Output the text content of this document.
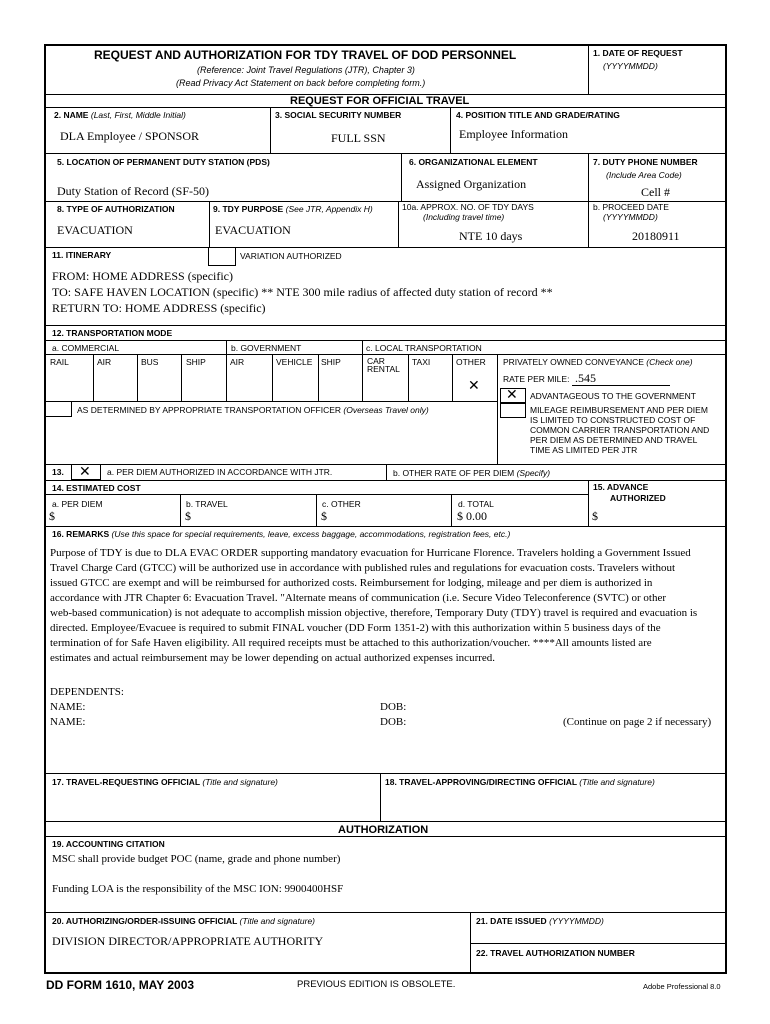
REQUEST AND AUTHORIZATION FOR TDY TRAVEL OF DOD PERSONNEL
(Reference: Joint Travel Regulations (JTR), Chapter 3)
(Read Privacy Act Statement on back before completing form.)
1. DATE OF REQUEST
(YYYYMMDD)
REQUEST FOR OFFICIAL TRAVEL
2. NAME (Last, First, Middle Initial)
DLA Employee / SPONSOR
3. SOCIAL SECURITY NUMBER
FULL SSN
4. POSITION TITLE AND GRADE/RATING
Employee Information
5. LOCATION OF PERMANENT DUTY STATION (PDS)
Duty Station of Record (SF-50)
6. ORGANIZATIONAL ELEMENT
Assigned Organization
7. DUTY PHONE NUMBER
(Include Area Code)
Cell #
8. TYPE OF AUTHORIZATION
EVACUATION
9. TDY PURPOSE (See JTR, Appendix H)
EVACUATION
10a. APPROX. NO. OF TDY DAYS
(Including travel time)
NTE 10 days
b. PROCEED DATE
(YYYYMMDD)
20180911
11. ITINERARY	VARIATION AUTHORIZED
FROM: HOME ADDRESS (specific)
TO: SAFE HAVEN LOCATION (specific) ** NTE 300 mile radius of affected duty station of record **
RETURN TO: HOME ADDRESS (specific)
12. TRANSPORTATION MODE
a. COMMERCIAL	b. GOVERNMENT	c. LOCAL TRANSPORTATION
RAIL	AIR	BUS	SHIP	AIR	VEHICLE SHIP	CAR
RENTAL
TAXI	OTHER
✕
PRIVATELY OWNED CONVEYANCE (Check one)
RATE PER MILE: .545
✕ ADVANTAGEOUS TO THE GOVERNMENT
MILEAGE REIMBURSEMENT AND PER DIEM
IS LIMITED TO CONSTRUCTED COST OF
COMMON CARRIER TRANSPORTATION AND
PER DIEM AS DETERMINED AND TRAVEL
TIME AS LIMITED PER JTR
AS DETERMINED BY APPROPRIATE TRANSPORTATION OFFICER (Overseas Travel only)
13. ✕ a. PER DIEM AUTHORIZED IN ACCORDANCE WITH JTR.	b. OTHER RATE OF PER DIEM (Specify)
14. ESTIMATED COST	15. ADVANCE
AUTHORIZED
$
a. PER DIEM	b. TRAVEL	c. OTHER	d. TOTAL
$	$	$	$ 0.00
16. REMARKS (Use this space for special requirements, leave, excess baggage, accommodations, registration fees, etc.)
Purpose of TDY is due to DLA EVAC ORDER supporting mandatory evacuation for Hurricane Florence. Travelers holding a Government Issued
Travel Charge Card (GTCC) will be authorized use in accordance with published rules and regulations for evacuation costs. Travelers without
issued GTCC are exempt and will be reimbursed for authorized costs. Reimbursement for lodging, mileage and per diem is authorized in
accordance with JTR Chapter 6: Evacuation Travel. "Alternate means of communication (i.e. Secure Video Teleconference (SVTC) or other
web-based communication) is not adequate to accomplish mission objective, therefore, Temporary Duty (TDY) travel is required and evacuation is
directed. Employee/Evacuee is required to submit FINAL voucher (DD Form 1351-2) with this authorization within 5 business days of the
termination of for Safe Haven eligibility. All required receipts must be attached to this authorization/voucher. ****All amounts listed are
estimates and actual reimbursement may be lower depending on actual authorized expenses incurred.
DEPENDENTS:
NAME:	DOB:
NAME:	DOB:	(Continue on page 2 if necessary)
17. TRAVEL-REQUESTING OFFICIAL (Title and signature)	18. TRAVEL-APPROVING/DIRECTING OFFICIAL (Title and signature)
AUTHORIZATION
19. ACCOUNTING CITATION
MSC shall provide budget POC (name, grade and phone number)
Funding LOA is the responsibility of the MSC ION: 9900400HSF
20. AUTHORIZING/ORDER-ISSUING OFFICIAL (Title and signature)
DIVISION DIRECTOR/APPROPRIATE AUTHORITY
21. DATE ISSUED (YYYYMMDD)
22. TRAVEL AUTHORIZATION NUMBER
DD FORM 1610, MAY 2003	PREVIOUS EDITION IS OBSOLETE.	Adobe Professional 8.0
